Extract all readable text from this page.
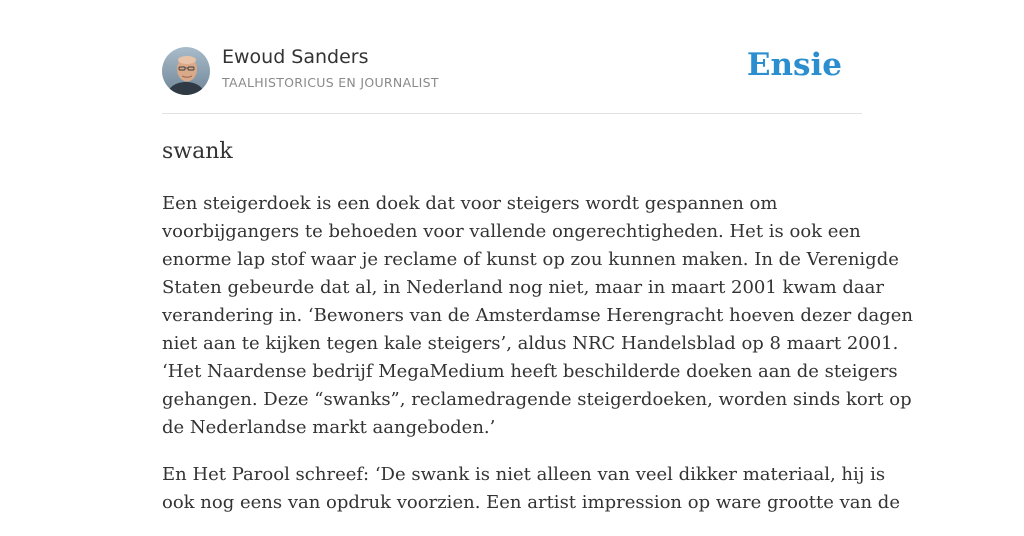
Ewoud Sanders
TAALHISTORICUS EN JOURNALIST	Ensie
swank

Een steigerdoek is een doek dat voor steigers wordt gespannen om
voorbijgangers te behoeden voor vallende ongerechtigheden. Het is ook een
enorme lap stof waar je reclame of kunst op zou kunnen maken. In de Verenigde
Staten gebeurde dat al, in Nederland nog niet, maar in maart 2001 kwam daar
verandering in. ‘Bewoners van de Amsterdamse Herengracht hoeven dezer dagen
niet aan te kijken tegen kale steigers’, aldus NRC Handelsblad op 8 maart 2001.
‘Het Naardense bedrijf MegaMedium heeft beschilderde doeken aan de steigers
gehangen. Deze “swanks”, reclamedragende steigerdoeken, worden sinds kort op
de Nederlandse markt aangeboden.’

En Het Parool schreef: ‘De swank is niet alleen van veel dikker materiaal, hij is
ook nog eens van opdruk voorzien. Een artist impression op ware grootte van de
